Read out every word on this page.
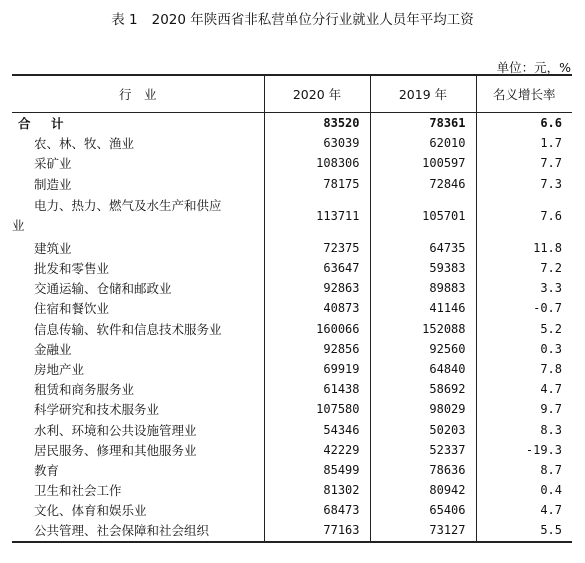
表 1 2020 年陕西省非私营单位分行业就业人员年平均工资
单位：元，%
行　业	2020 年	2019 年	名义增长率
合　计	83520	78361	6.6
农、林、牧、渔业	63039	62010	1.7
采矿业	108306	100597	7.7
制造业	78175	72846	7.3

电力、热力、燃气及水生产和供应
业	113711	105701	7.6
建筑业	72375	64735	11.8
批发和零售业	63647	59383	7.2
交通运输、仓储和邮政业	92863	89883	3.3
住宿和餐饮业	40873	41146	-0.7
信息传输、软件和信息技术服务业	160066	152088	5.2
金融业	92856	92560	0.3
房地产业	69919	64840	7.8
租赁和商务服务业	61438	58692	4.7
科学研究和技术服务业	107580	98029	9.7
水利、环境和公共设施管理业	54346	50203	8.3
居民服务、修理和其他服务业	42229	52337	-19.3
教育	85499	78636	8.7
卫生和社会工作	81302	80942	0.4
文化、体育和娱乐业	68473	65406	4.7
公共管理、社会保障和社会组织	77163	73127	5.5
